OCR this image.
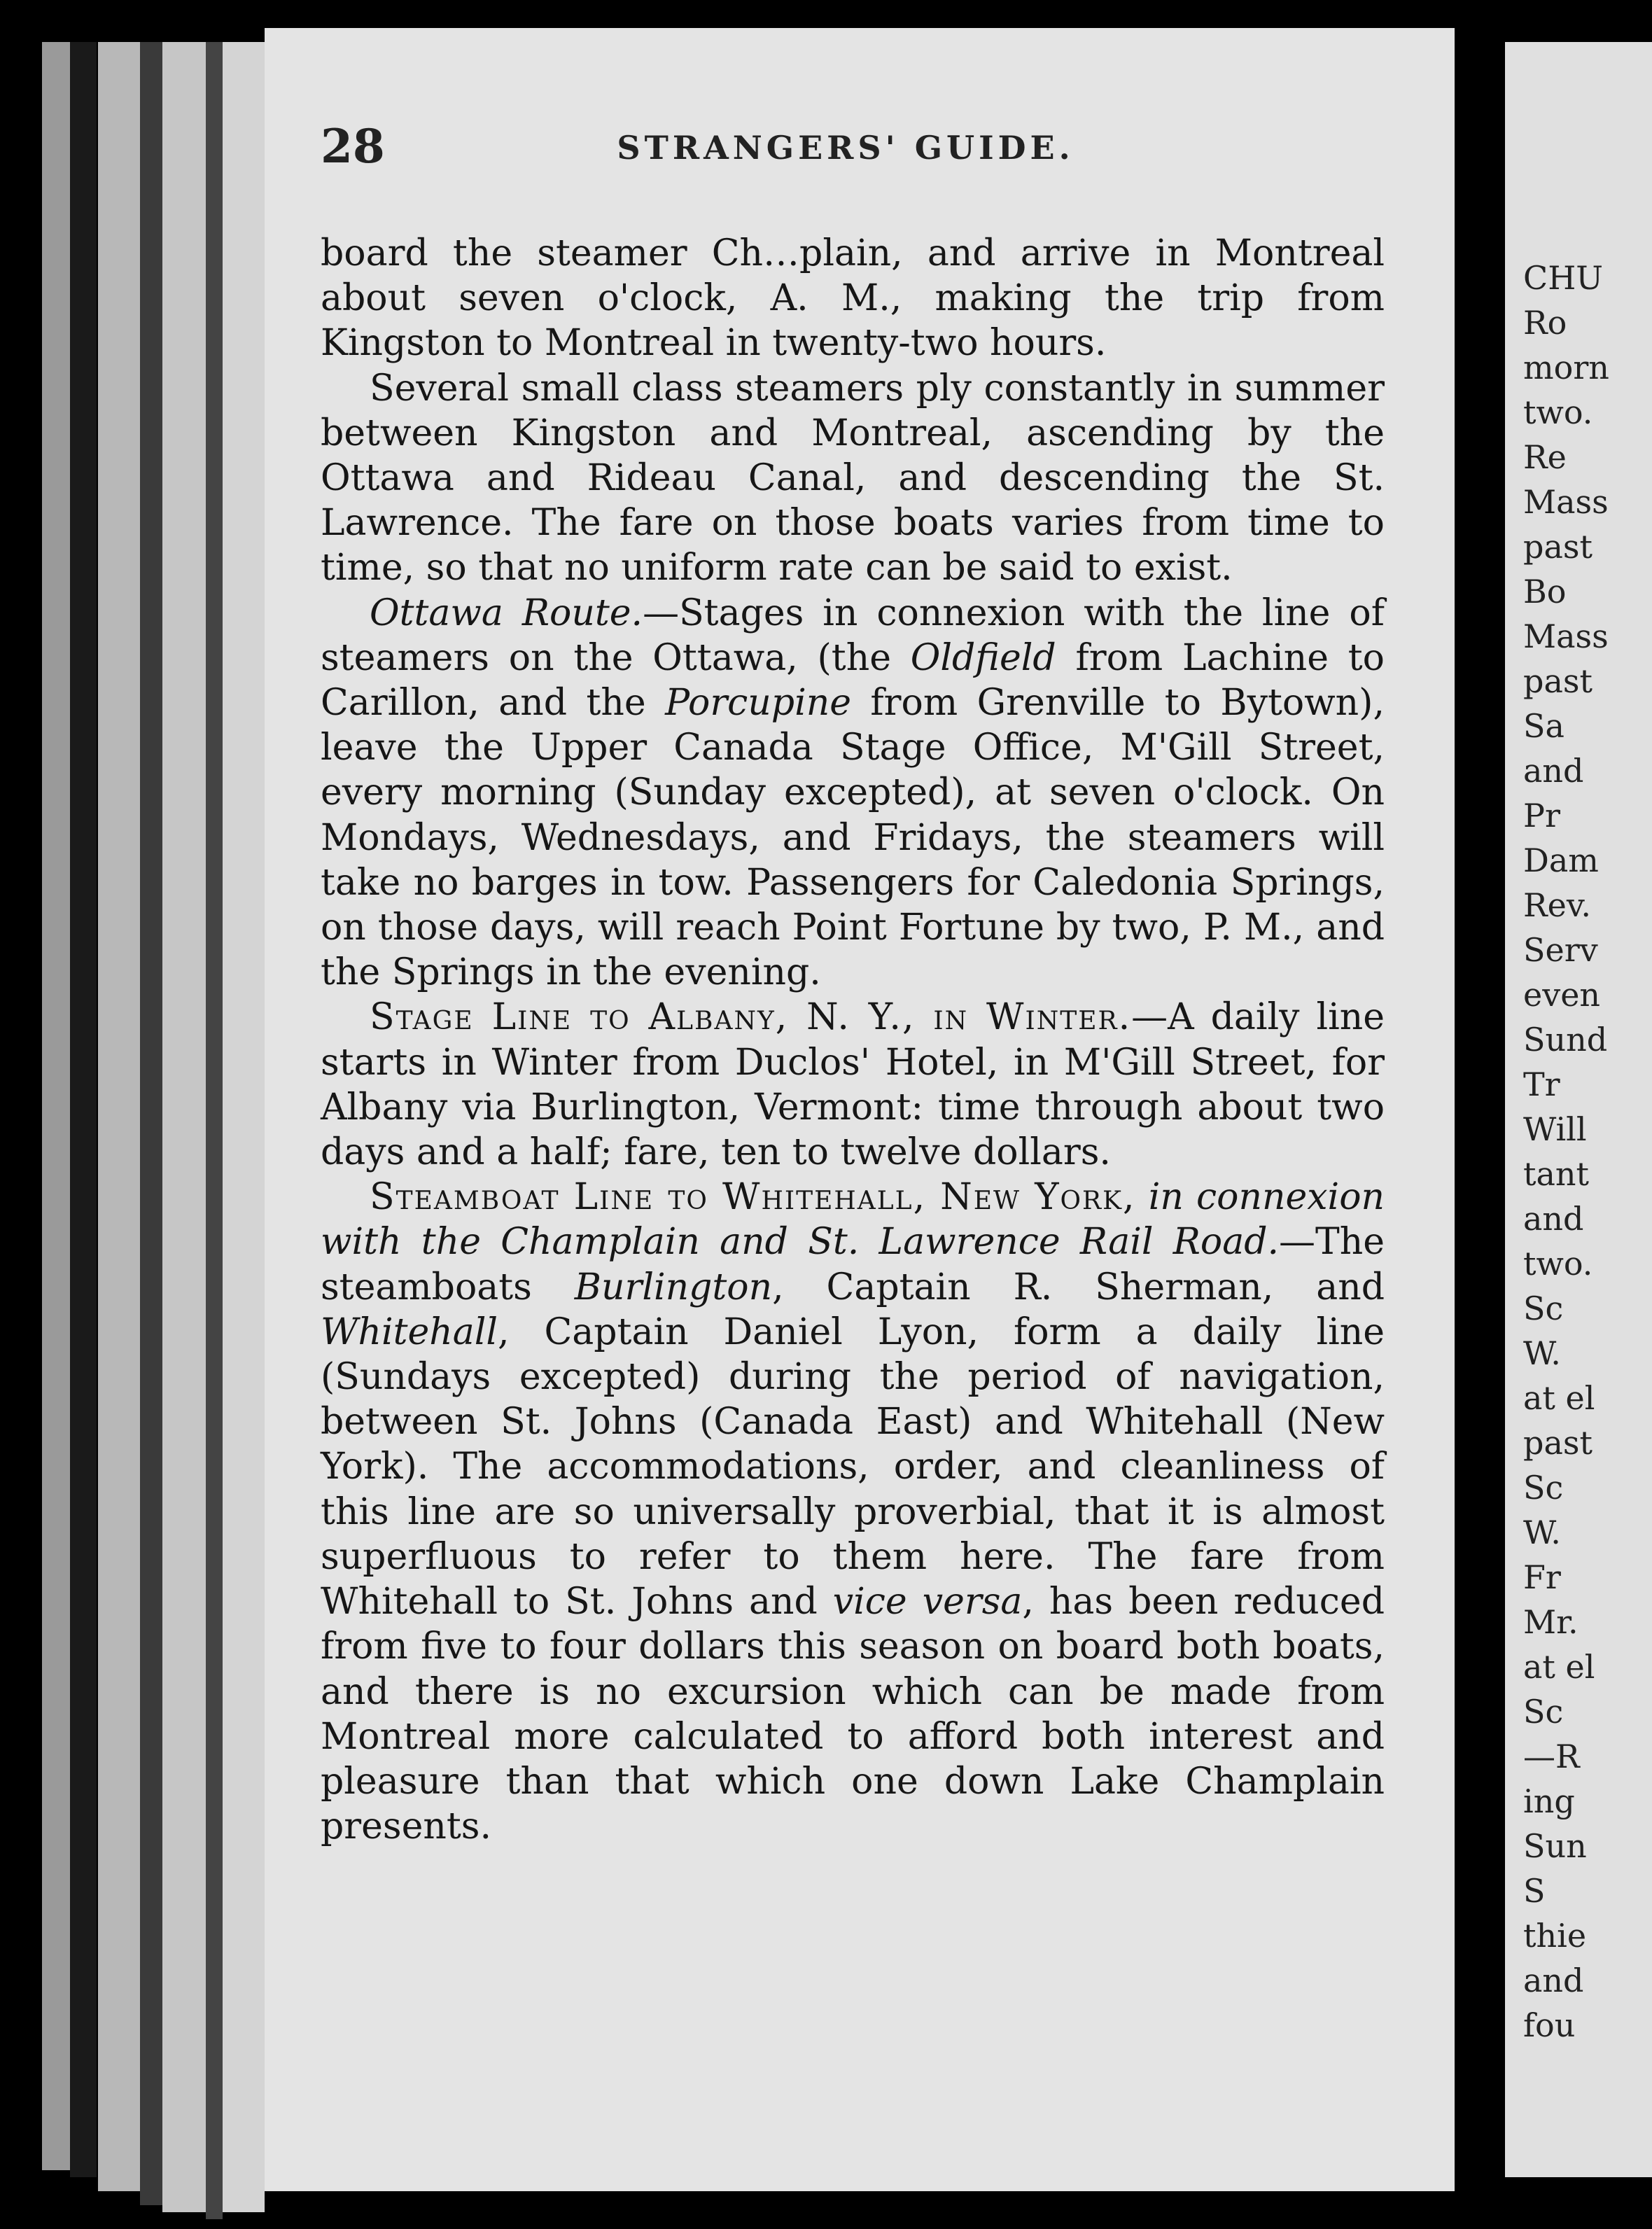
28	STRANGERS' GUIDE.

board the steamer Ch…plain, and arrive in Montreal about seven o'clock, A. M., making the trip from Kingston to Montreal in twenty-two hours.

Several small class steamers ply constantly in summer between Kingston and Montreal, ascending by the Ottawa and Rideau Canal, and descending the St. Lawrence. The fare on those boats varies from time to time, so that no uniform rate can be said to exist.

Ottawa Route.—Stages in connexion with the line of steamers on the Ottawa, (the Oldfield from Lachine to Carillon, and the Porcupine from Grenville to Bytown), leave the Upper Canada Stage Office, M'Gill Street, every morning (Sunday excepted), at seven o'clock. On Mondays, Wednesdays, and Fridays, the steamers will take no barges in tow. Passengers for Caledonia Springs, on those days, will reach Point Fortune by two, P. M., and the Springs in the evening.

Stage Line to Albany, N. Y., in Winter.—A daily line starts in Winter from Duclos' Hotel, in M'Gill Street, for Albany via Burlington, Vermont: time through about two days and a half; fare, ten to twelve dollars.

Steamboat Line to Whitehall, New York, in connexion with the Champlain and St. Lawrence Rail Road.—The steamboats Burlington, Captain R. Sherman, and Whitehall, Captain Daniel Lyon, form a daily line (Sundays excepted) during the period of navigation, between St. Johns (Canada East) and Whitehall (New York). The accommodations, order, and cleanliness of this line are so universally proverbial, that it is almost superfluous to refer to them here. The fare from Whitehall to St. Johns and vice versa, has been reduced from five to four dollars this season on board both boats, and there is no excursion which can be made from Montreal more calculated to afford both interest and pleasure than that which one down Lake Champlain presents.

CHU
Ro
morn
two.
Re
Mass
past
Bo
Mass
past
Sa
and
Pr
Dam
Rev.
Serv
even
Sund
Tr
Will
tant
and
two.
Sc
W.
at el
past
Sc
W.
Fr
Mr.
at el
Sc
—R
ing
Sun
S
thie
and
fou
